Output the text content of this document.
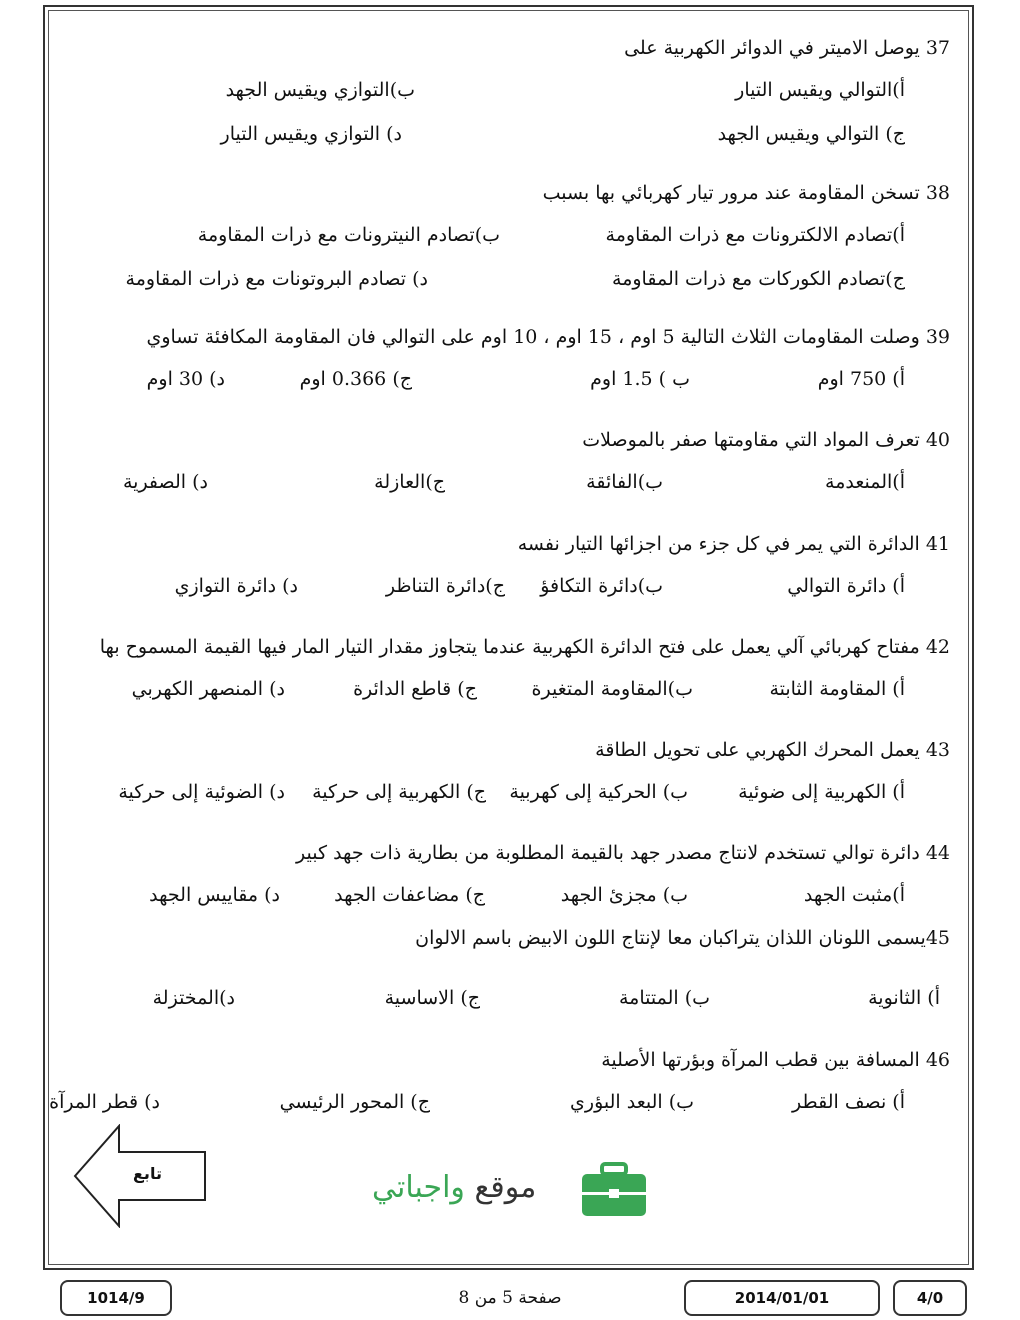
37يوصل الاميتر في الدوائر الكهربية على
أ)التوالي ويقيس التيار
ب)التوازي ويقيس الجهد
ج) التوالي ويقيس الجهد
د) التوازي ويقيس التيار
38تسخن المقاومة عند مرور تيار كهربائي بها بسبب
أ)تصادم الالكترونات مع ذرات المقاومة
ب)تصادم النيترونات مع ذرات المقاومة
ج)تصادم الكوركات مع ذرات المقاومة
د) تصادم البروتونات مع ذرات المقاومة
39وصلت المقاومات الثلاث التالية 5 اوم ، 15 اوم ، 10 اوم على التوالي فان المقاومة المكافئة تساوي
أ) 750 اوم
ب ) 1.5 اوم
ج) 0.366 اوم
د) 30 اوم
40تعرف المواد التي مقاومتها صفر بالموصلات
أ)المنعدمة
ب)الفائقة
ج)العازلة
د) الصفرية
41الدائرة التي يمر في كل جزء من اجزائها التيار نفسه
أ) دائرة التوالي
ب)دائرة التكافؤ
ج)دائرة التناظر
د) دائرة التوازي
42مفتاح كهربائي آلي يعمل على فتح الدائرة الكهربية عندما يتجاوز مقدار التيار المار فيها القيمة المسموح بها
أ) المقاومة الثابتة
ب)المقاومة المتغيرة
ج) قاطع الدائرة
د) المنصهر الكهربي
43يعمل المحرك الكهربي على تحويل الطاقة
أ) الكهربية إلى ضوئية
ب) الحركية إلى كهربية
ج) الكهربية إلى حركية
د) الضوئية إلى حركية
44دائرة توالي تستخدم لانتاج مصدر جهد بالقيمة المطلوبة من بطارية ذات جهد كبير
أ)مثبت الجهد
ب) مجزئ الجهد
ج) مضاعفات الجهد
د) مقاييس الجهد
45يسمى اللونان اللذان يتراكبان معا لإنتاج اللون الابيض باسم الالوان
أ) الثانوية
ب) المتتامة
ج) الاساسية
د)المختزلة
46المسافة بين قطب المرآة وبؤرتها الأصلية
أ) نصف القطر
ب) البعد البؤري
ج) المحور الرئيسي
د) قطر المرآة
تابع	موقع واجباتي
1014/9	صفحة 5 من 8	2014/01/01	4/0
